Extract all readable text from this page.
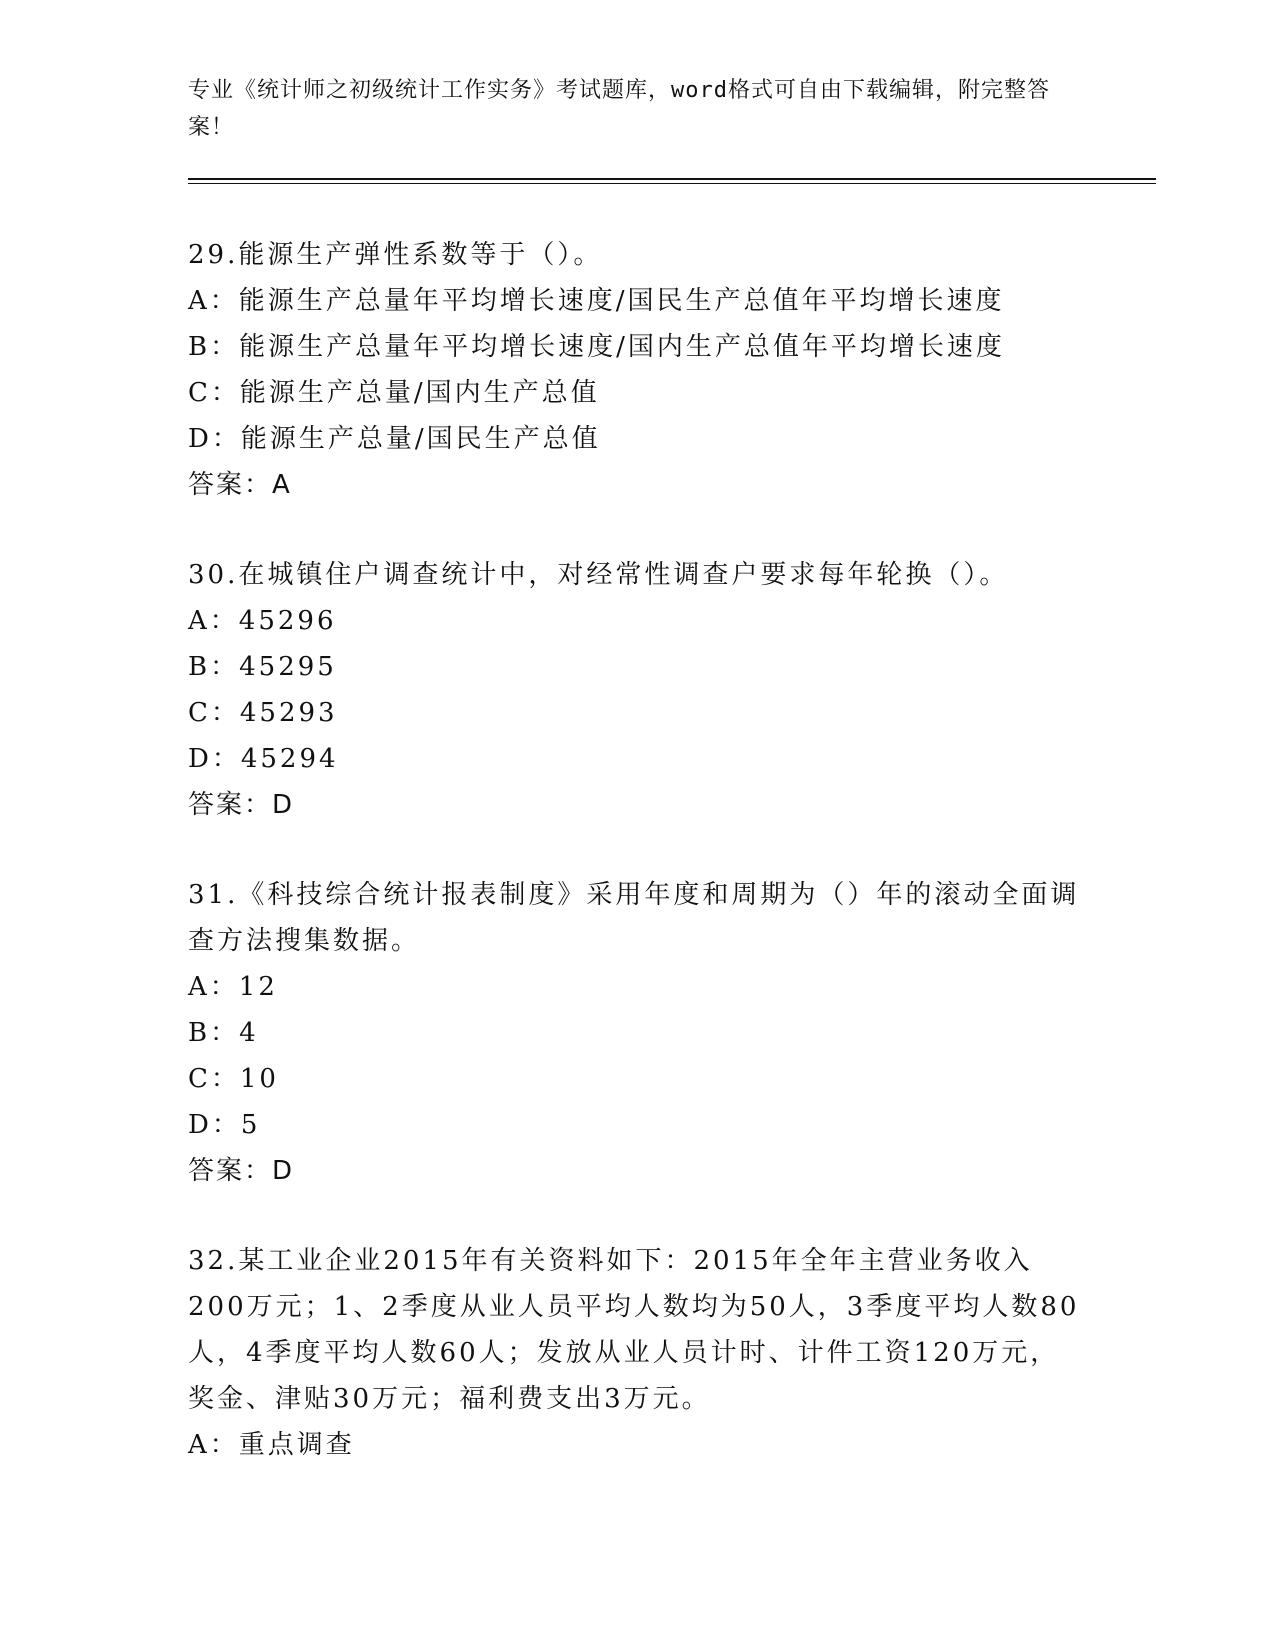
专业《统计师之初级统计工作实务》考试题库，word格式可自由下载编辑，附完整答案！
29.能源生产弹性系数等于（）。
A：能源生产总量年平均增长速度/国民生产总值年平均增长速度
B：能源生产总量年平均增长速度/国内生产总值年平均增长速度
C：能源生产总量/国内生产总值
D：能源生产总量/国民生产总值
答案：A
30.在城镇住户调查统计中，对经常性调查户要求每年轮换（）。
A：45296
B：45295
C：45293
D：45294
答案：D
31.《科技综合统计报表制度》采用年度和周期为（）年的滚动全面调查方法搜集数据。
A：12
B：4
C：10
D：5
答案：D
32.某工业企业2015年有关资料如下：2015年全年主营业务收入200万元；1、2季度从业人员平均人数均为50人，3季度平均人数80人，4季度平均人数60人；发放从业人员计时、计件工资120万元，奖金、津贴30万元；福利费支出3万元。
A：重点调查
